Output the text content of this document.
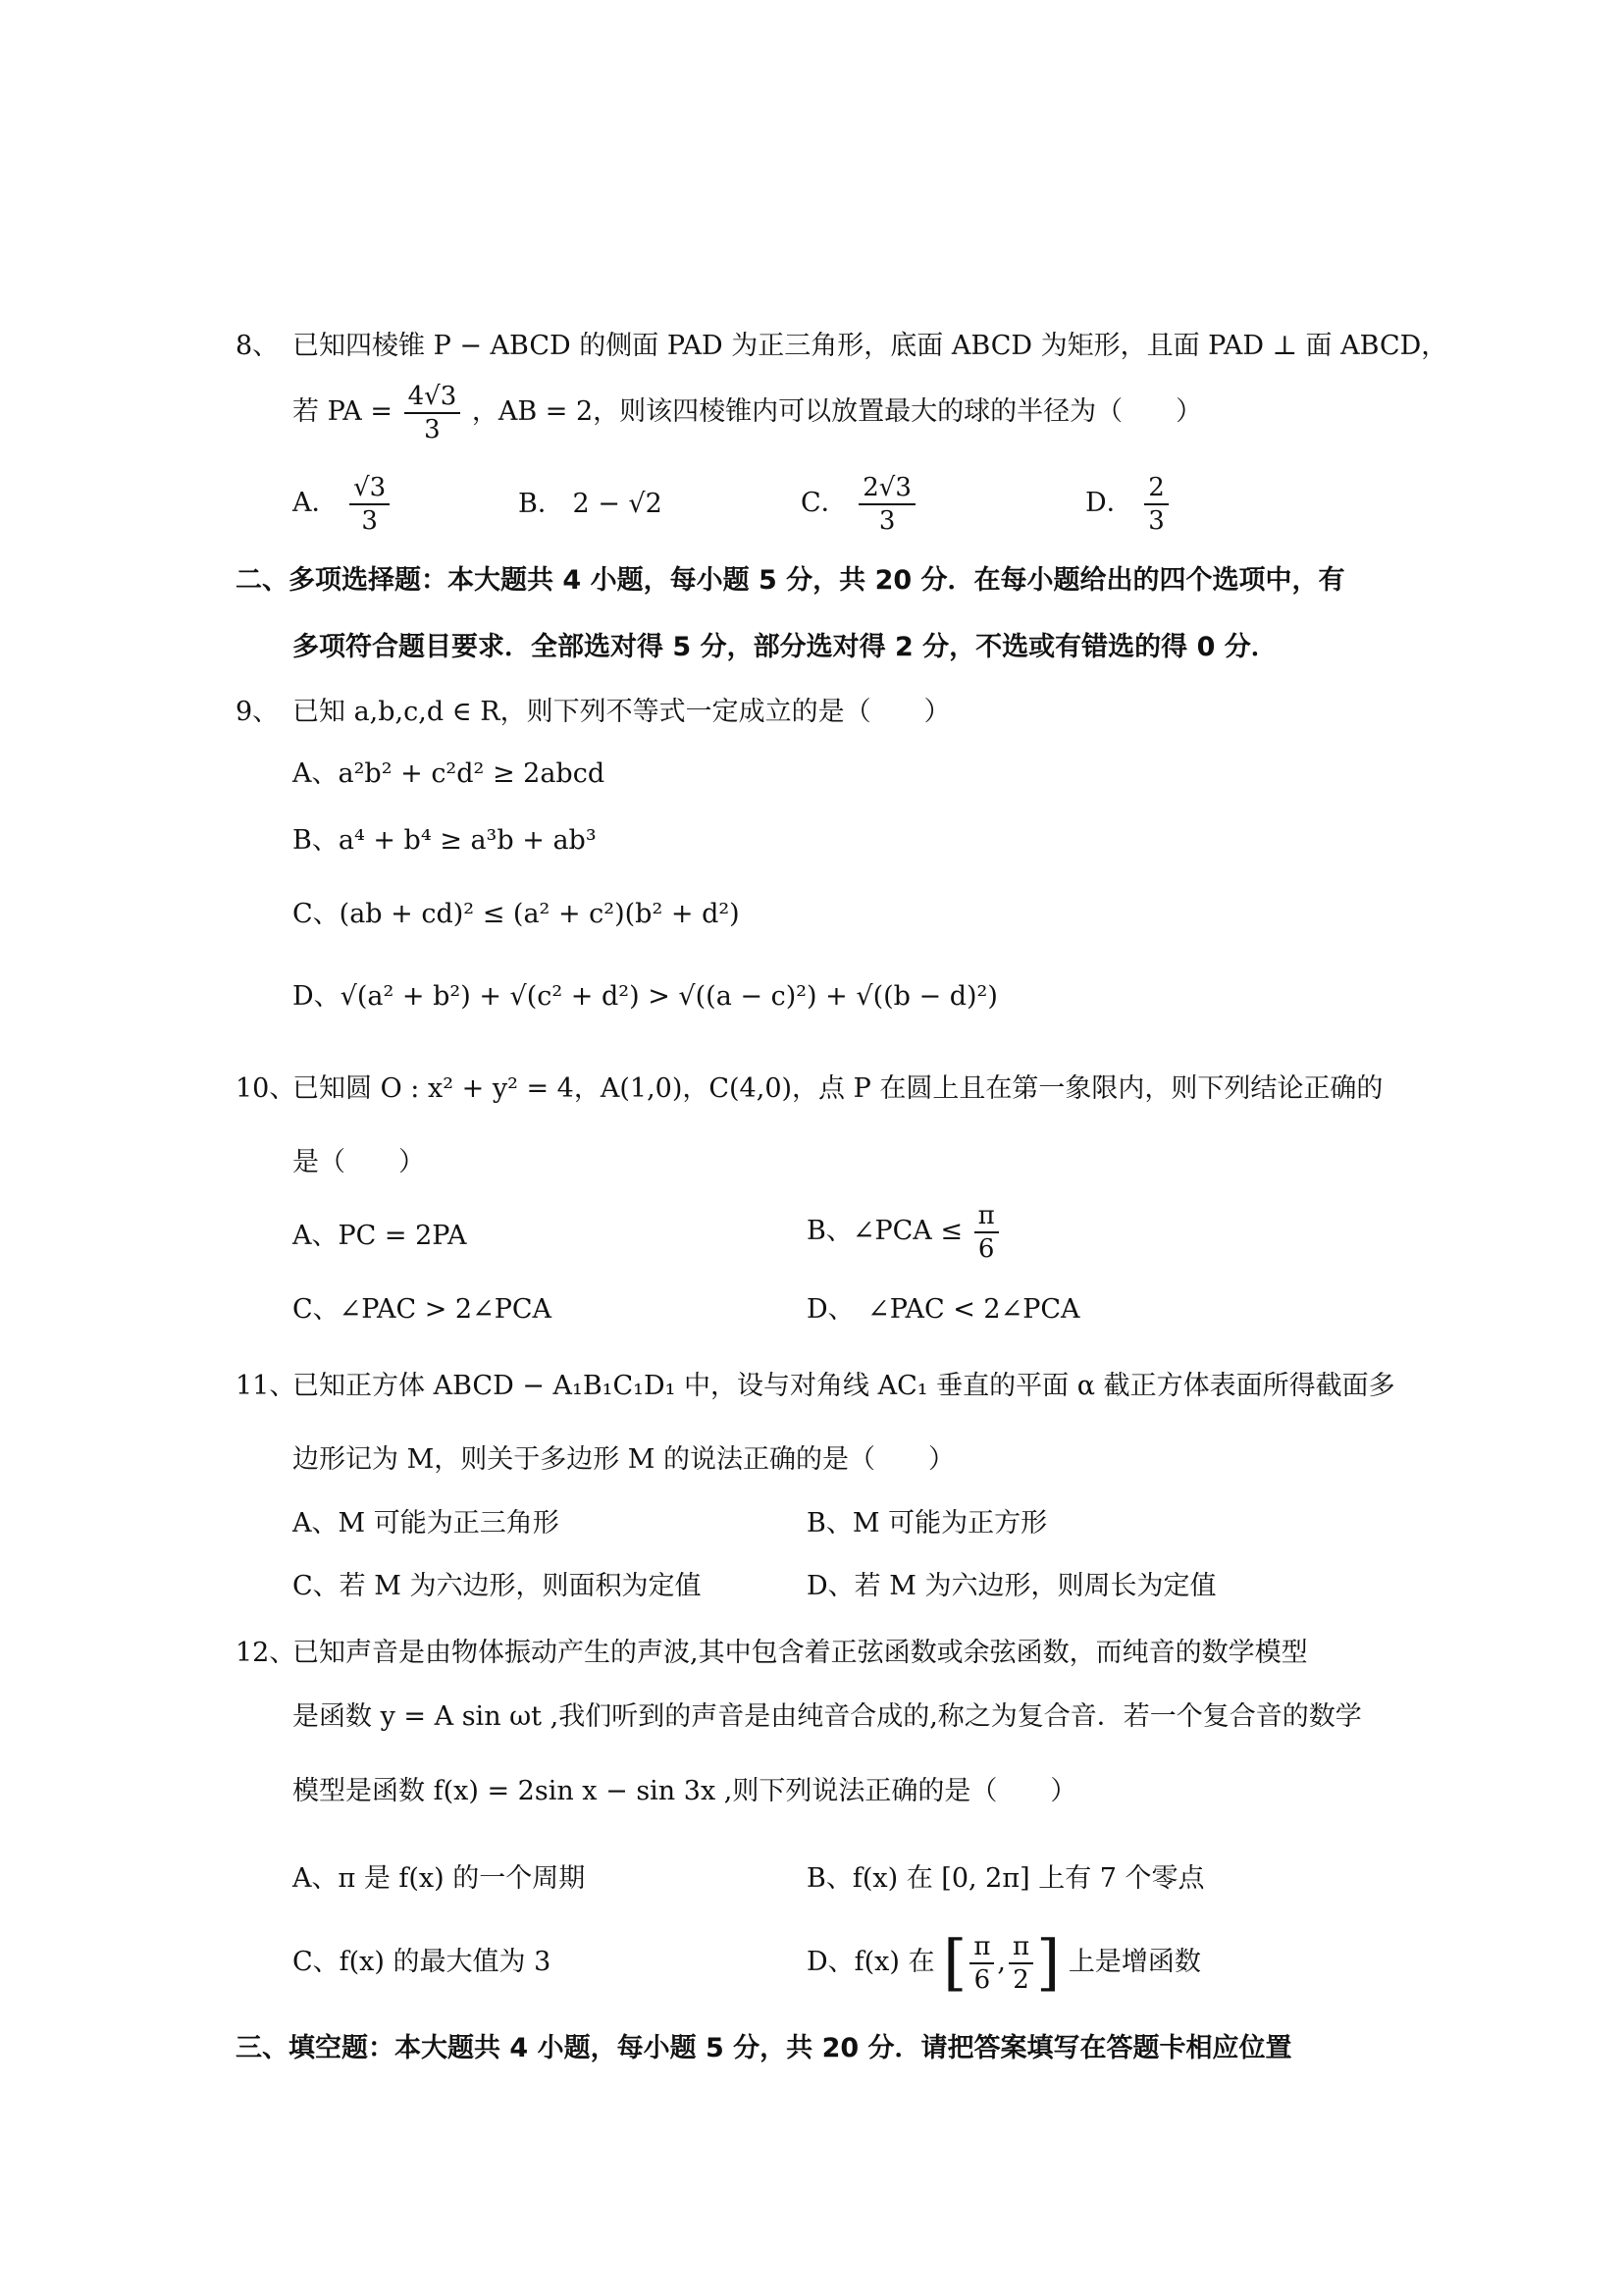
8、 已知四棱锥 P − ABCD 的侧面 PAD 为正三角形，底面 ABCD 为矩形，且面 PAD ⊥ 面 ABCD，
若 PA = $\frac{4√3}{3}$ ，AB = 2，则该四棱锥内可以放置最大的球的半径为（　　）
A． $\frac{√3}{3}$	B． 2 − √2	C． $\frac{2√3}{3}$	D． $\frac{2}{3}$
二、多项选择题：本大题共 4 小题，每小题 5 分，共 20 分．在每小题给出的四个选项中，有
多项符合题目要求．全部选对得 5 分，部分选对得 2 分，不选或有错选的得 0 分．
9、 已知 a,b,c,d ∈ R，则下列不等式一定成立的是（　　）
A、a²b² + c²d² ≥ 2abcd
B、a⁴ + b⁴ ≥ a³b + ab³
C、(ab + cd)² ≤ (a² + c²)(b² + d²)
D、√(a² + b²) + √(c² + d²) > √((a − c)²) + √((b − d)²)
10、
已知圆 O : x² + y² = 4，A(1,0)，C(4,0)，点 P 在圆上且在第一象限内，则下列结论正确的
是（　　）
A、PC = 2PA	B、∠PCA ≤ $\frac{\pi}{6}$
C、∠PAC > 2∠PCA	D、　∠PAC < 2∠PCA
11、
已知正方体 ABCD − A₁B₁C₁D₁ 中，设与对角线 AC₁ 垂直的平面 α 截正方体表面所得截面多
边形记为 M，则关于多边形 M 的说法正确的是（　　）
A、M 可能为正三角形	B、M 可能为正方形
C、若 M 为六边形，则面积为定值	D、若 M 为六边形，则周长为定值
12、
已知声音是由物体振动产生的声波,其中包含着正弦函数或余弦函数，而纯音的数学模型
是函数 y = A sin ωt ,我们听到的声音是由纯音合成的,称之为复合音．若一个复合音的数学
模型是函数 f(x) = 2sin x − sin 3x ,则下列说法正确的是（　　）
A、π 是 f(x) 的一个周期	B、f(x) 在 [0, 2π] 上有 7 个零点
C、f(x) 的最大值为 3	D、f(x) 在 [ $\frac{\pi}{6}$ , $\frac{\pi}{2}$ ] 上是增函数
三、填空题：本大题共 4 小题，每小题 5 分，共 20 分．请把答案填写在答题卡相应位置
